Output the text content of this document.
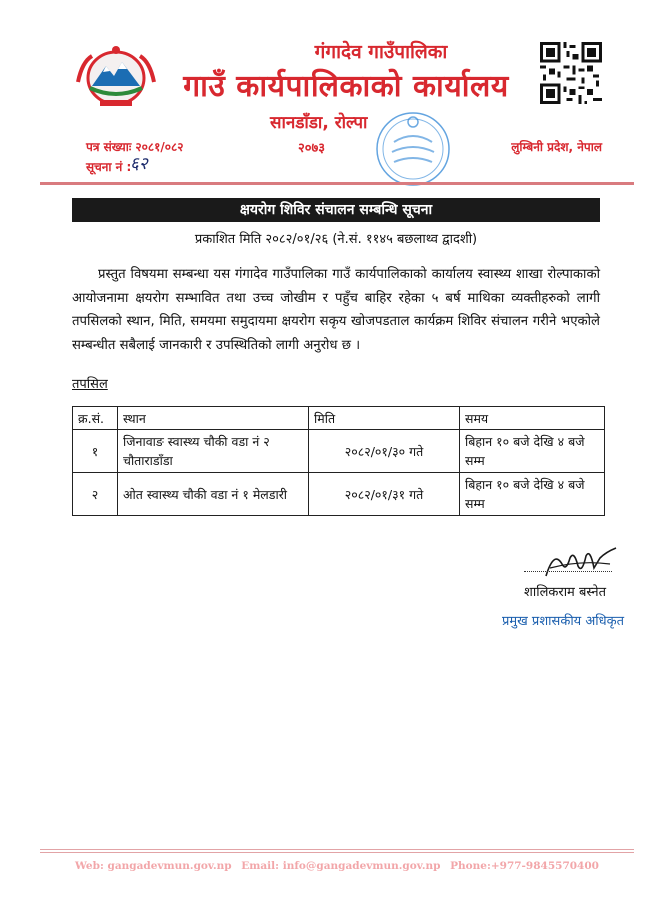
गंगादेव गाउँपालिका
गाउँ कार्यपालिकाको कार्यालय
सानडाँडा, रोल्पा
२०७३
पत्र संख्याः २०८१/०८२
सूचना नं :
६२
लुम्बिनी प्रदेश, नेपाल
क्षयरोग शिविर संचालन सम्बन्धि सूचना
प्रकाशित मिति २०८२/०१/२६ (ने.सं. ११४५ बछलाथ्व द्वादशी)
प्रस्तुत विषयमा सम्बन्धा यस गंगादेव गाउँपालिका गाउँ कार्यपालिकाको कार्यालय स्वास्थ्य शाखा रोल्पाकाको आयोजनामा क्षयरोग सम्भावित तथा उच्च जोखीम र पहुँच बाहिर रहेका ५ बर्ष माथिका व्यक्तीहरुको लागी तपसिलको स्थान, मिति, समयमा समुदायमा क्षयरोग सकृय खोजपडताल कार्यक्रम शिविर संचालन गरीने भएकोले सम्बन्धीत सबैलाई जानकारी र उपस्थितिको लागी अनुरोध छ ।
तपसिल
क्र.सं.	स्थान	मिति	समय
१	जिनावाङ स्वास्थ्य चौकी वडा नं २ चौताराडाँडा	२०८२/०१/३० गते	बिहान १० बजे देखि ४ बजे सम्म
२	ओत स्वास्थ्य चौकी वडा नं १ मेलडारी	२०८२/०१/३१ गते	बिहान १० बजे देखि ४ बजे सम्म
शालिकराम बस्नेत
प्रमुख प्रशासकीय अधिकृत
Web: gangadevmun.gov.np Email: info@gangadevmun.gov.np Phone:+977-9845570400
